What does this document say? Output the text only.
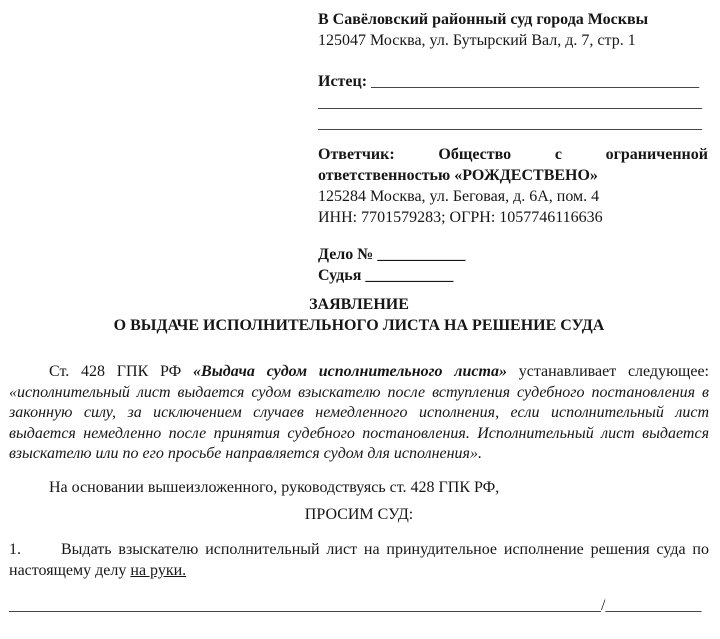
В Савёловский районный суд города Москвы

125047 Москва, ул. Бутырский Вал, д. 7, стр. 1

Истец: _________________________________________

________________________________________________

________________________________________________

Ответчик:	Общество с ограниченной ответственностью «РОЖДЕСТВЕНО»

125284 Москва, ул. Беговая, д. 6А, пом. 4

ИНН: 7701579283; ОГРН: 1057746116636

Дело № ___________

Судья ___________

ЗАЯВЛЕНИЕ

О ВЫДАЧЕ ИСПОЛНИТЕЛЬНОГО ЛИСТА НА РЕШЕНИЕ СУДА

Ст. 428 ГПК РФ «Выдача судом исполнительного листа» устанавливает следующее: «исполнительный лист выдается судом взыскателю после вступления судебного постановления в законную силу, за исключением случаев немедленного исполнения, если исполнительный лист выдается немедленно после принятия судебного постановления. Исполнительный лист выдается взыскателю или по его просьбе направляется судом для исполнения».

На основании вышеизложенного, руководствуясь ст. 428 ГПК РФ,

ПРОСИМ СУД:

1.	Выдать взыскателю исполнительный лист на принудительное исполнение решения суда по настоящему делу на руки.

__________________________________________________________________________/____________
